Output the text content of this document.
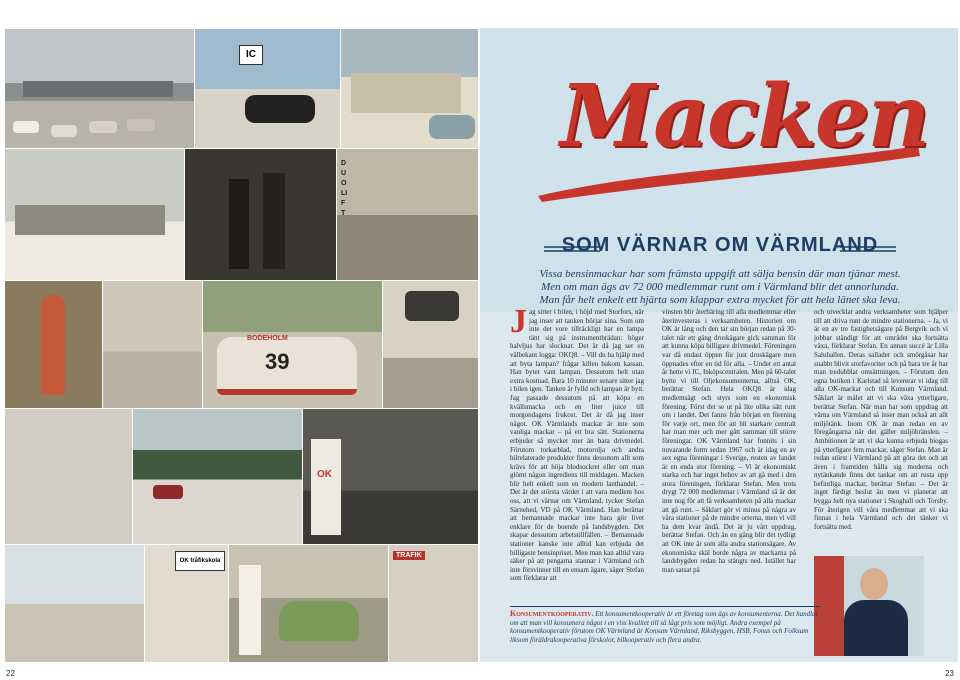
IC
DUOLIFT
39
BODEHOLM
OK
OK tråfikskola
TRAFIK
Macken
SOM VÄRNAR OM VÄRMLAND
Vissa bensinmackar har som främsta uppgift att sälja bensin där man tjänar mest.
Men om man ägs av 72 000 medlemmar runt om i Värmland blir det annorlunda.
Man får helt enkelt ett hjärta som klappar extra mycket för att hela länet ska leva.
J ag sitter i bilen, i höjd med Storfors, när jag inser att tanken börjar sina. Som om inte det vore tillräckligt har en lampa tänt sig på instrumentbrädan: höger halvljus har slocknat. Det är då jag ser en välbekant logga: OKQ8. – Vill du ha hjälp med att byta lampan? frågar killen bakom kassan. Han byter vant lampan. Dessutom helt utan extra kostnad. Bara 10 minuter senare sitter jag i bilen igen. Tanken är fylld och lampan är bytt. Jag passade dessutom på att köpa en kvällsmacka och en liter juice till morgondagens frukost. Det är då jag inser något. OK Värmlands mackar är inte som vanliga mackar – på ett bra sätt. Stationerna erbjuder så mycket mer än bara drivmedel. Förutom torkarblad, motorolja och andra bilrelaterade produkter finns dessutom allt som krävs för att höja blodsockret eller om man glömt någon ingrediens till middagen. Macken blir helt enkelt som en modern lanthandel. – Det är det största värdet i att vara medlem hos oss, att vi värnar om Värmland, tycker Stefan Särnehed, VD på OK Värmland. Han berättar att bemannade mackar inte bara gör livet enklare för de boende på landsbygden. Det skapar dessutom arbetstillfällen. – Bemannade stationer kanske inte alltid kan erbjuda det billigaste bensinpriset. Men man kan alltid vara säker på att pengarna stannar i Värmland och inte försvinner till en ensam ägare, säger Stefan som förklarar att
vinsten blir återbäring till alla medlemmar eller återinvesteras i verksamheten. Historien om OK är lång och den tar sin början redan på 30-talet när ett gäng droskägare gick samman för att kunna köpa billigare drivmedel. Föreningen var då endast öppen för just droskägare men öppnades efter en tid för alla. – Under ett antal år hette vi IC, Inköpscentralen. Men på 60-talet byttе vi till Oljekonsumenterna, alltså OK, berättar Stefan. Hela OKQ8 är idag medlemsägt och styrs som en ekonomisk förening. Först det se ut på lite olika sätt runt om i landet. Det fanns från början en förening för varje ort, men för att bli starkare centralt har man mer och mer gått samman till större föreningar. OK Värmland har funnits i sin nuvarande form sedan 1967 och är idag en av sex egna föreningar i Sverige, resten av landet är en enda stor förening. – Vi är ekonomiskt starka och har inget behov av att gå med i den stora föreningen, förklarar Stefan. Men trots drygt 72 000 medlemmar i Värmland så är det inte nog för att få verksamheten på alla mackar att gå runt. – Såklart gör vi minus på några av våra stationer på de mindre orterna, men vi vill ha dem kvar ändå. Det är ju vårt uppdrag, berättar Stefan. Och än en gång blir det tydligt att OK inte är som alla andra stationsägare. Av ekonomiska skäl borde några av mackarna på landsbygden redan ha stängts ned. Istället har man satsat på
och utvecklat andra verksamheter som hjälper till att driva runt de mindre stationerna. – Ja, vi är en av tre fastighetsägare på Bergvik och vi jobbar ständigt för att området ska fortsätta växa, förklarar Stefan. En annan succé är Lilla Saluhallen. Deras sallader och smörgåsar har snabbt blivit storfavoriter och på bara tre år har man tredubblat omsättningen. – Förutom den egna butiken i Karlstad så levererar vi idag till alla OK-mackar och till Konsum Värmland. Såklart är målet att vi ska växa ytterligare, berättar Stefan. När man har som uppdrag att värna om Värmland så inser man också att allt miljötänk. Inom OK är man redan en av föregångarna när det gäller miljöbränslen. – Ambitionen är att vi ska kunna erbjuda biogas på ytterligare fem mackar, säger Stefan. Man är redan störst i Värmland på att göra det och att även i framtiden hålla sig moderna och nytänkande finns det tankar om att rusta upp befintliga mackar, berättar Stefan: – Det är inget färdigt beslut än men vi planerar att bygga helt nya stationer i Skoghall och Torsby. För återigen vill våra medlemmar att vi ska finnas i hela Värmland och det tänker vi fortsätta med.
Konsumentkooperativ. Ett konsumentkooperativ är ett företag som ägs av konsumenterna. Det handlar om att man vill konsumera något i en viss kvalitet till så lågt pris som möjligt. Andra exempel på konsumentkooperativ förutom OK Värmland är Konsum Värmland, Riksbyggen, HSB, Fonus och Folksam liksom föräldrakooperativa förskolor, bilkooperativ och flera andra.
22	23
